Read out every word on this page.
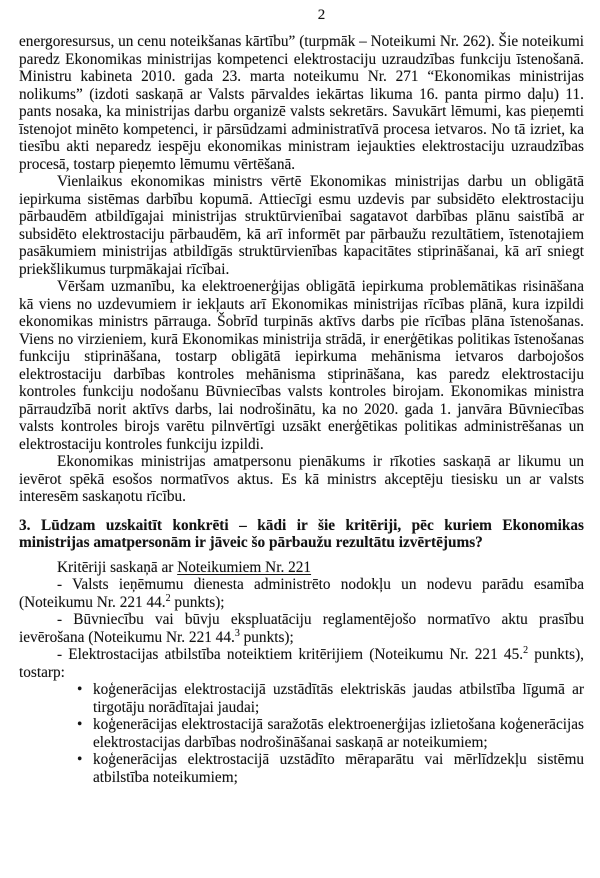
2

energoresursus, un cenu noteikšanas kārtību” (turpmāk – Noteikumi Nr. 262). Šie noteikumi paredz Ekonomikas ministrijas kompetenci elektrostaciju uzraudzības funkciju īstenošanā. Ministru kabineta 2010. gada 23. marta noteikumu Nr. 271 “Ekonomikas ministrijas nolikums” (izdoti saskaņā ar Valsts pārvaldes iekārtas likuma 16. panta pirmo daļu) 11. pants nosaka, ka ministrijas darbu organizē valsts sekretārs. Savukārt lēmumi, kas pieņemti īstenojot minēto kompetenci, ir pārsūdzami administratīvā procesa ietvaros. No tā izriet, ka tiesību akti neparedz iespēju ekonomikas ministram iejaukties elektrostaciju uzraudzības procesā, tostarp pieņemto lēmumu vērtēšanā.

Vienlaikus ekonomikas ministrs vērtē Ekonomikas ministrijas darbu un obligātā iepirkuma sistēmas darbību kopumā. Attiecīgi esmu uzdevis par subsidēto elektrostaciju pārbaudēm atbildīgajai ministrijas struktūrvienībai sagatavot darbības plānu saistībā ar subsidēto elektrostaciju pārbaudēm, kā arī informēt par pārbaužu rezultātiem, īstenotajiem pasākumiem ministrijas atbildīgās struktūrvienības kapacitātes stiprināšanai, kā arī sniegt priekšlikumus turpmākajai rīcībai.

Vēršam uzmanību, ka elektroenerģijas obligātā iepirkuma problemātikas risināšana kā viens no uzdevumiem ir iekļauts arī Ekonomikas ministrijas rīcības plānā, kura izpildi ekonomikas ministrs pārrauga. Šobrīd turpinās aktīvs darbs pie rīcības plāna īstenošanas. Viens no virzieniem, kurā Ekonomikas ministrija strādā, ir enerģētikas politikas īstenošanas funkciju stiprināšana, tostarp obligātā iepirkuma mehānisma ietvaros darbojošos elektrostaciju darbības kontroles mehānisma stiprināšana, kas paredz elektrostaciju kontroles funkciju nodošanu Būvniecības valsts kontroles birojam. Ekonomikas ministra pārraudzībā norit aktīvs darbs, lai nodrošinātu, ka no 2020. gada 1. janvāra Būvniecības valsts kontroles birojs varētu pilnvērtīgi uzsākt enerģētikas politikas administrēšanas un elektrostaciju kontroles funkciju izpildi.

Ekonomikas ministrijas amatpersonu pienākums ir rīkoties saskaņā ar likumu un ievērot spēkā esošos normatīvos aktus. Es kā ministrs akceptēju tiesisku un ar valsts interesēm saskaņotu rīcību.

3. Lūdzam uzskaitīt konkrēti – kādi ir šie kritēriji, pēc kuriem Ekonomikas ministrijas amatpersonām ir jāveic šo pārbaužu rezultātu izvērtējums?

Kritēriji saskaņā ar Noteikumiem Nr. 221

- Valsts ieņēmumu dienesta administrēto nodokļu un nodevu parādu esamība (Noteikumu Nr. 221 44.$^2$ punkts);

- Būvniecību vai būvju ekspluatāciju reglamentējošo normatīvo aktu prasību ievērošana (Noteikumu Nr. 221 44.$^3$ punkts);

- Elektrostacijas atbilstība noteiktiem kritērijiem (Noteikumu Nr. 221 45.$^2$ punkts), tostarp:

• koģenerācijas elektrostacijā uzstādītās elektriskās jaudas atbilstība līgumā ar tirgotāju norādītajai jaudai;
• koģenerācijas elektrostacijā saražotās elektroenerģijas izlietošana koģenerācijas elektrostacijas darbības nodrošināšanai saskaņā ar noteikumiem;
• koģenerācijas elektrostacijā uzstādīto mēraparātu vai mērlīdzekļu sistēmu atbilstība noteikumiem;
